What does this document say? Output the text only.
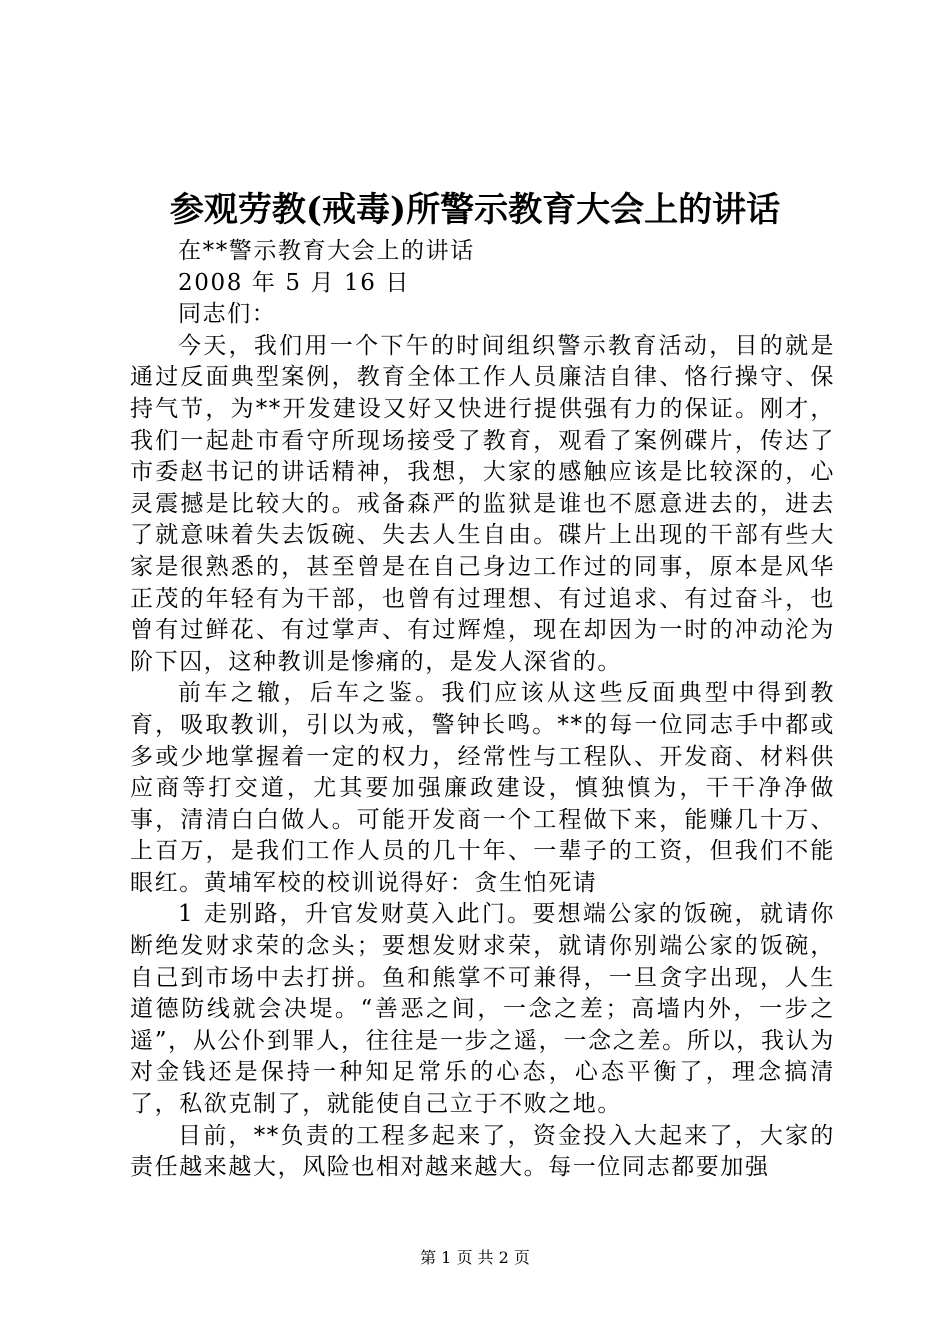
参观劳教(戒毒)所警示教育大会上的讲话
在**警示教育大会上的讲话
2008 年 5 月 16 日
同志们：
今天，我们用一个下午的时间组织警示教育活动，目的就是通过反面典型案例，教育全体工作人员廉洁自律、恪行操守、保持气节，为**开发建设又好又快进行提供强有力的保证。刚才，我们一起赴市看守所现场接受了教育，观看了案例碟片，传达了市委赵书记的讲话精神，我想，大家的感触应该是比较深的，心灵震撼是比较大的。戒备森严的监狱是谁也不愿意进去的，进去了就意味着失去饭碗、失去人生自由。碟片上出现的干部有些大家是很熟悉的，甚至曾是在自己身边工作过的同事，原本是风华正茂的年轻有为干部，也曾有过理想、有过追求、有过奋斗，也曾有过鲜花、有过掌声、有过辉煌，现在却因为一时的冲动沦为阶下囚，这种教训是惨痛的，是发人深省的。
前车之辙，后车之鉴。我们应该从这些反面典型中得到教育，吸取教训，引以为戒，警钟长鸣。**的每一位同志手中都或多或少地掌握着一定的权力，经常性与工程队、开发商、材料供应商等打交道，尤其要加强廉政建设，慎独慎为，干干净净做事，清清白白做人。可能开发商一个工程做下来，能赚几十万、上百万，是我们工作人员的几十年、一辈子的工资，但我们不能眼红。黄埔军校的校训说得好：贪生怕死请
1 走别路，升官发财莫入此门。要想端公家的饭碗，就请你断绝发财求荣的念头；要想发财求荣，就请你别端公家的饭碗，自己到市场中去打拼。鱼和熊掌不可兼得，一旦贪字出现，人生道德防线就会决堤。“善恶之间，一念之差；高墙内外，一步之遥”，从公仆到罪人，往往是一步之遥，一念之差。所以，我认为对金钱还是保持一种知足常乐的心态，心态平衡了，理念搞清了，私欲克制了，就能使自己立于不败之地。
目前，**负责的工程多起来了，资金投入大起来了，大家的责任越来越大，风险也相对越来越大。每一位同志都要加强
第 1 页 共 2 页
